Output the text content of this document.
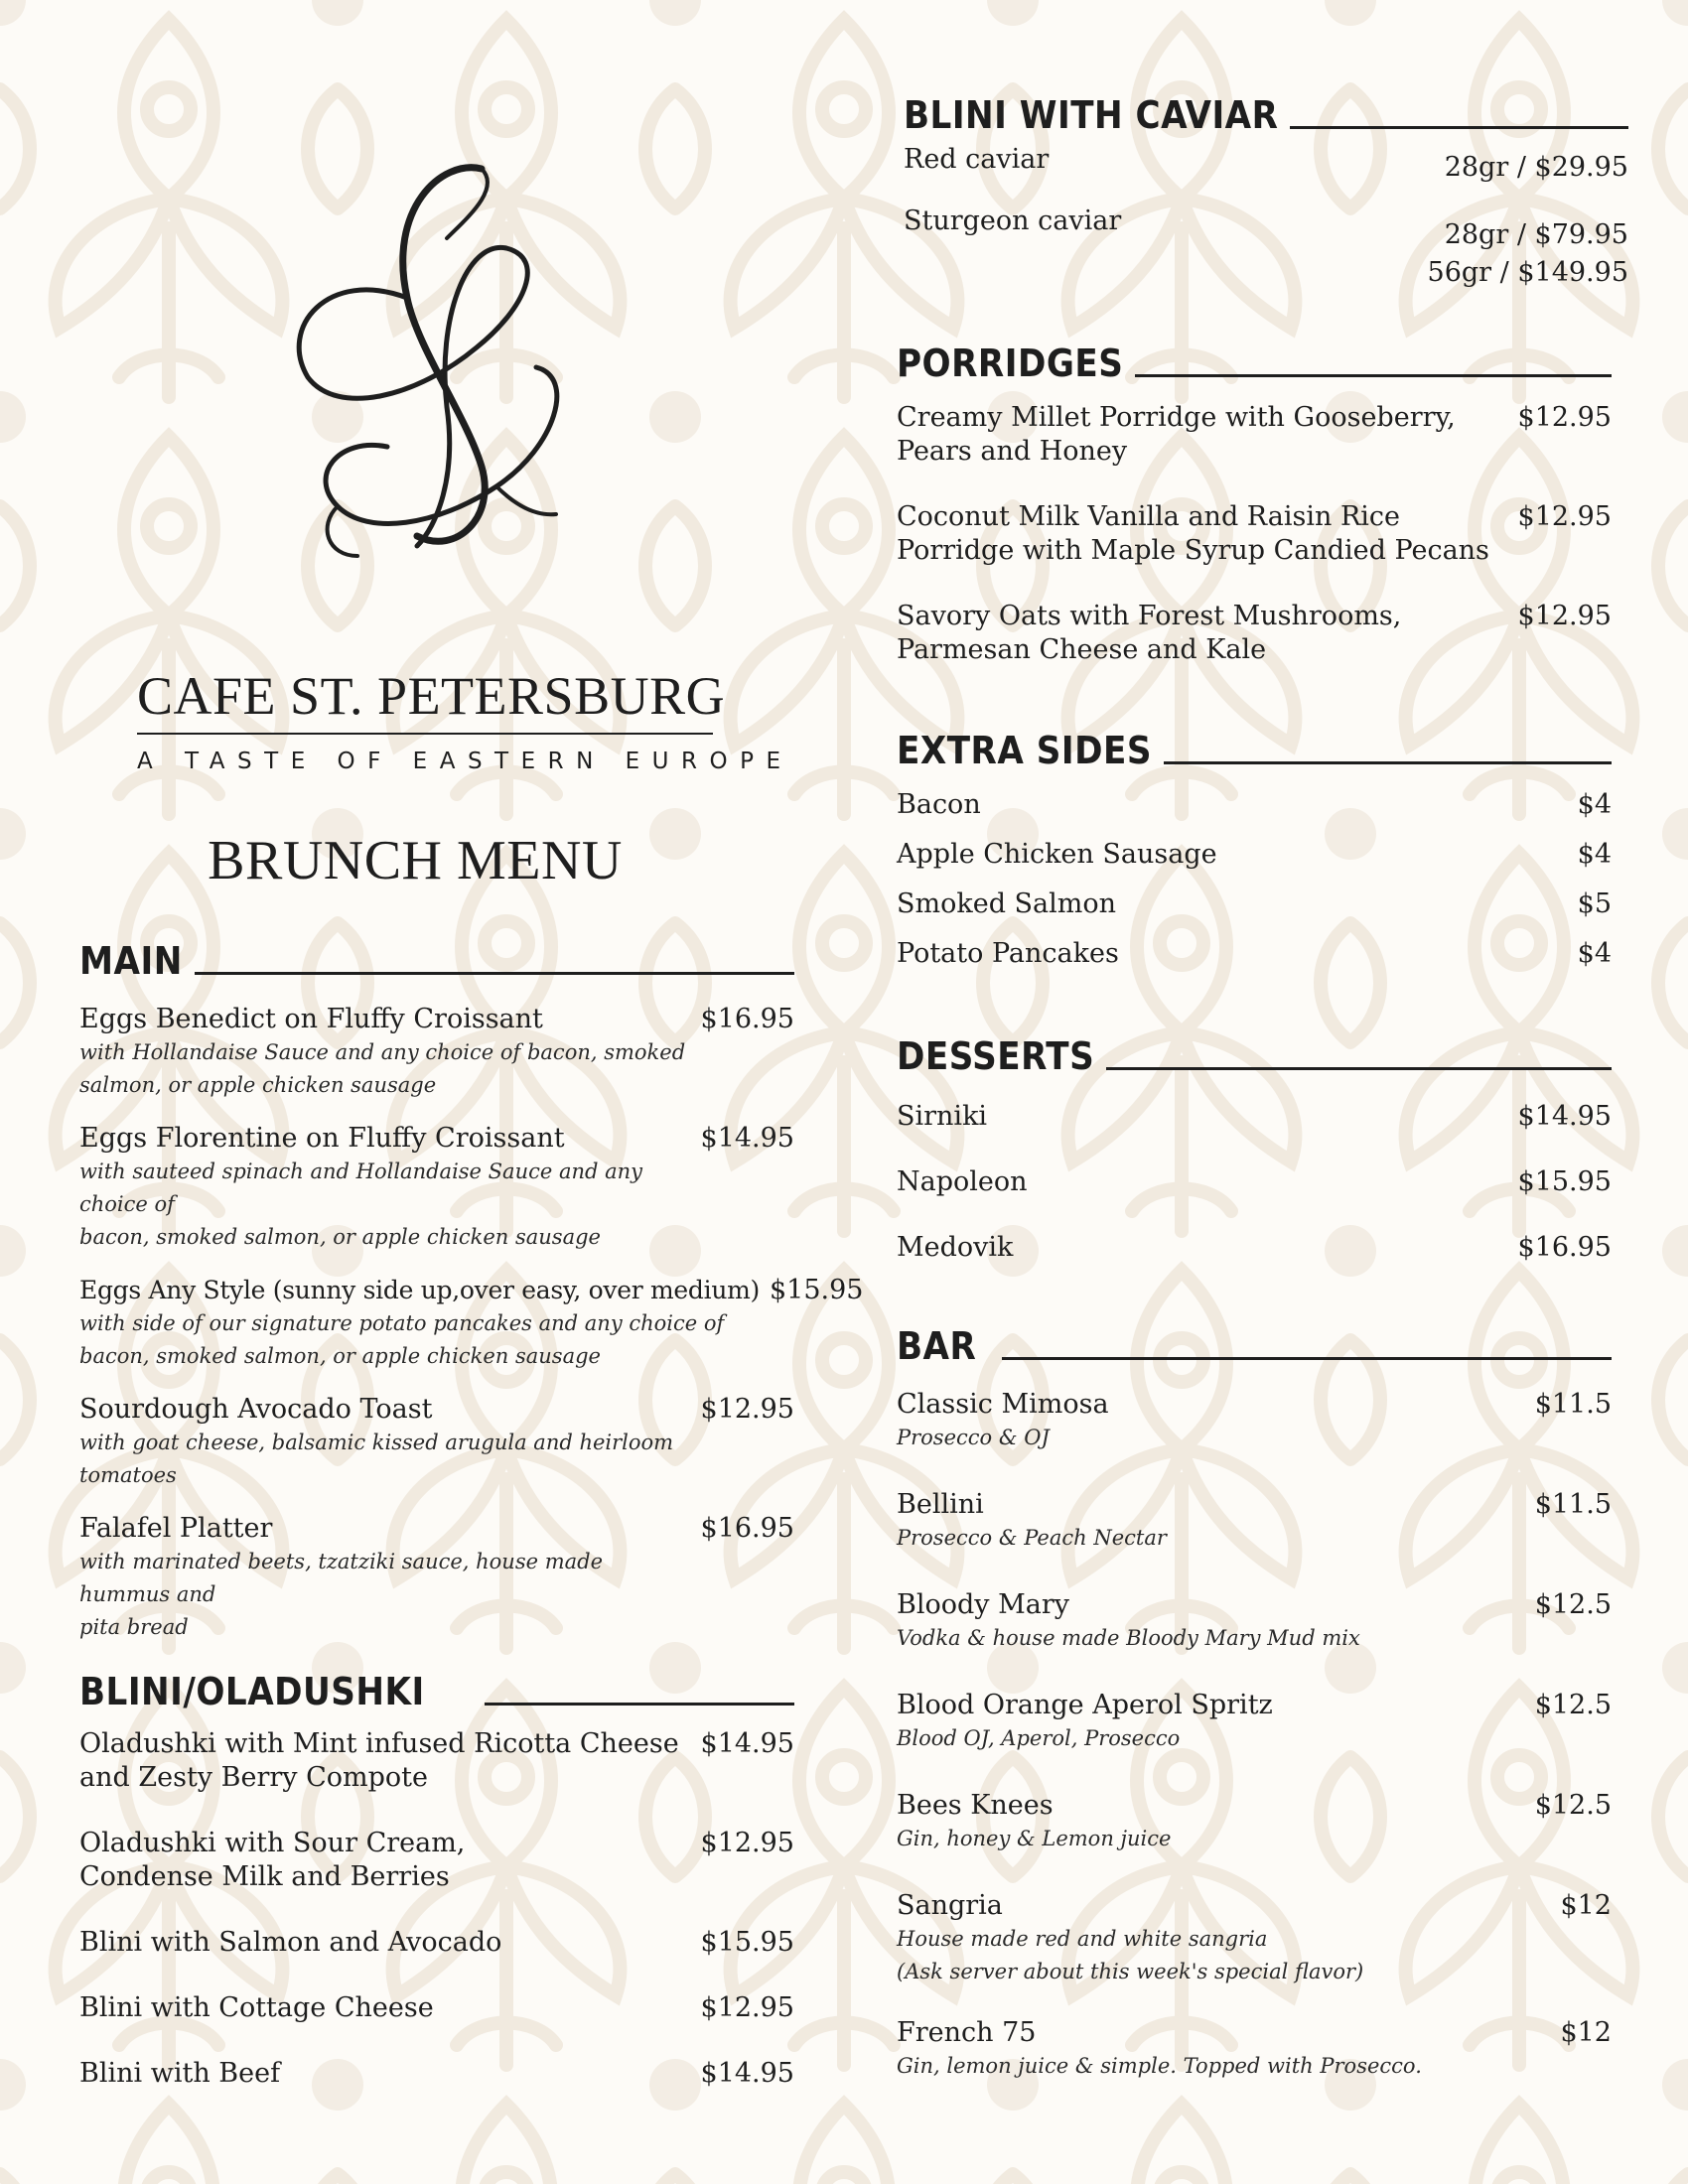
CAFE ST. PETERSBURG
A TASTE OF EASTERN EUROPE
BRUNCH MENU
MAIN
Eggs Benedict on Fluffy Croissant
with Hollandaise Sauce and any choice of bacon, smoked
salmon, or apple chicken sausage
$16.95
Eggs Florentine on Fluffy Croissant
with sauteed spinach and Hollandaise Sauce and any choice of
bacon, smoked salmon, or apple chicken sausage
$14.95
Eggs Any Style (sunny side up,over easy, over medium)
with side of our signature potato pancakes and any choice of
bacon, smoked salmon, or apple chicken sausage
$15.95
Sourdough Avocado Toast
with goat cheese, balsamic kissed arugula and heirloom
tomatoes
$12.95
Falafel Platter
with marinated beets, tzatziki sauce, house made hummus and
pita bread
$16.95
BLINI/OLADUSHKI
Oladushki with Mint infused Ricotta Cheese
and Zesty Berry Compote
$14.95
Oladushki with Sour Cream,
Condense Milk and Berries
$12.95
Blini with Salmon and Avocado	$15.95
Blini with Cottage Cheese	$12.95
Blini with Beef	$14.95
BLINI WITH CAVIAR
Red caviar	28gr / $29.95
Sturgeon caviar	28gr / $79.95
56gr / $149.95
PORRIDGES
Creamy Millet Porridge with Gooseberry,
Pears and Honey
$12.95
Coconut Milk Vanilla and Raisin Rice
Porridge with Maple Syrup Candied Pecans
$12.95
Savory Oats with Forest Mushrooms,
Parmesan Cheese and Kale
$12.95
EXTRA SIDES
Bacon	$4
Apple Chicken Sausage	$4
Smoked Salmon	$5
Potato Pancakes	$4
DESSERTS
Sirniki	$14.95
Napoleon	$15.95
Medovik	$16.95
BAR
Classic Mimosa
Prosecco & OJ
$11.5
Bellini
Prosecco & Peach Nectar
$11.5
Bloody Mary
Vodka & house made Bloody Mary Mud mix
$12.5
Blood Orange Aperol Spritz
Blood OJ, Aperol, Prosecco
$12.5
Bees Knees
Gin, honey & Lemon juice
$12.5
Sangria
House made red and white sangria
(Ask server about this week's special flavor)
$12
French 75
Gin, lemon juice & simple. Topped with Prosecco.
$12
